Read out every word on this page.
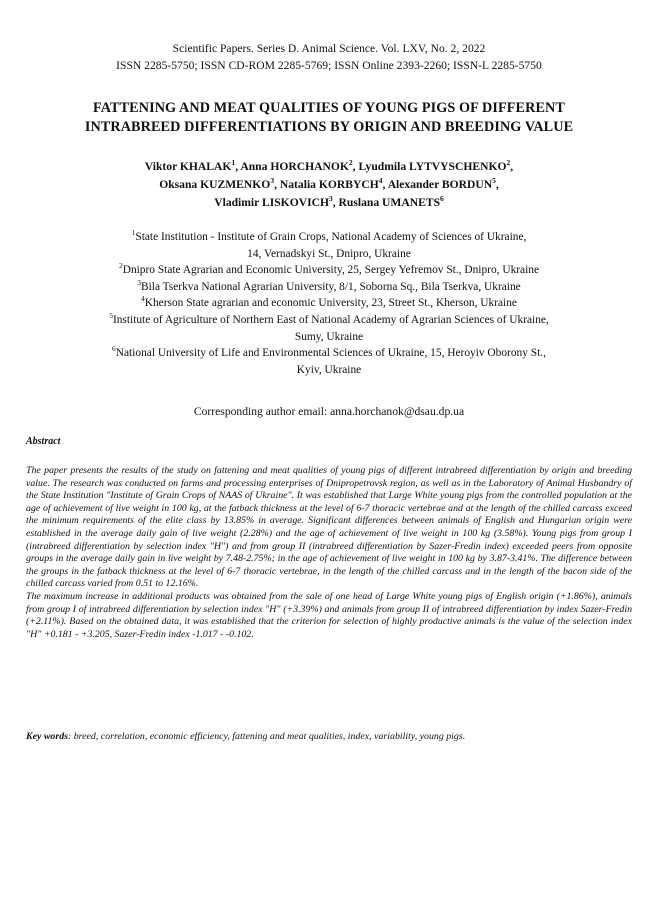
Scientific Papers. Series D. Animal Science. Vol. LXV, No. 2, 2022
ISSN 2285-5750; ISSN CD-ROM 2285-5769; ISSN Online 2393-2260; ISSN-L 2285-5750
FATTENING AND MEAT QUALITIES OF YOUNG PIGS OF DIFFERENT
INTRABREED DIFFERENTIATIONS BY ORIGIN AND BREEDING VALUE
Viktor KHALAK$^1$, Anna HORCHANOK$^2$, Lyudmila LYTVYSCHENKO$^2$,
Oksana KUZMENKO$^3$, Natalia KORBYCH$^4$, Alexander BORDUN$^5$,
Vladimir LISKOVICH$^3$, Ruslana UMANETS$^6$
$^1$State Institution - Institute of Grain Crops, National Academy of Sciences of Ukraine,
14, Vernadskyi St., Dnipro, Ukraine
$^2$Dnipro State Agrarian and Economic University, 25, Sergey Yefremov St., Dnipro, Ukraine
$^3$Bila Tserkva National Agrarian University, 8/1, Soborna Sq., Bila Tserkva, Ukraine
$^4$Kherson State agrarian and economic University, 23, Street St., Kherson, Ukraine
$^5$Institute of Agriculture of Northern East of National Academy of Agrarian Sciences of Ukraine,
Sumy, Ukraine
$^6$National University of Life and Environmental Sciences of Ukraine, 15, Heroyiv Oborony St.,
Kyiv, Ukraine
Corresponding author email: anna.horchanok@dsau.dp.ua
Abstract

The paper presents the results of the study on fattening and meat qualities of young pigs of different intrabreed differentiation by origin and breeding value. The research was conducted on farms and processing enterprises of Dnipropetrovsk region, as well as in the Laboratory of Animal Husbandry of the State Institution "Institute of Grain Crops of NAAS of Ukraine". It was established that Large White young pigs from the controlled population at the age of achievement of live weight in 100 kg, at the fatback thickness at the level of 6-7 thoracic vertebrae and at the length of the chilled carcass exceed the minimum requirements of the elite class by 13.85% in average. Significant differences between animals of English and Hungarian origin were established in the average daily gain of live weight (2.28%) and the age of achievement of live weight in 100 kg (3.58%). Young pigs from group I (intrabreed differentiation by selection index "H") and from group II (intrabreed differentiation by Sazer-Fredin index) exceeded peers from opposite groups in the average daily gain in live weight by 7.48-2.75%; in the age of achievement of live weight in 100 kg by 3.87-3.41%. The difference between the groups in the fatback thickness at the level of 6-7 thoracic vertebrae, in the length of the chilled carcass and in the length of the bacon side of the chilled carcass varied from 0.51 to 12.16%.

The maximum increase in additional products was obtained from the sale of one head of Large White young pigs of English origin (+1.86%), animals from group I of intrabreed differentiation by selection index "H" (+3.39%) and animals from group II of intrabreed differentiation by index Sazer-Fredin (+2.11%). Based on the obtained data, it was established that the criterion for selection of highly productive animals is the value of the selection index "H" +0.181 - +3.205, Sazer-Fredin index -1.017 - -0.102.

Key words: breed, correlation, economic efficiency, fattening and meat qualities, index, variability, young pigs.
